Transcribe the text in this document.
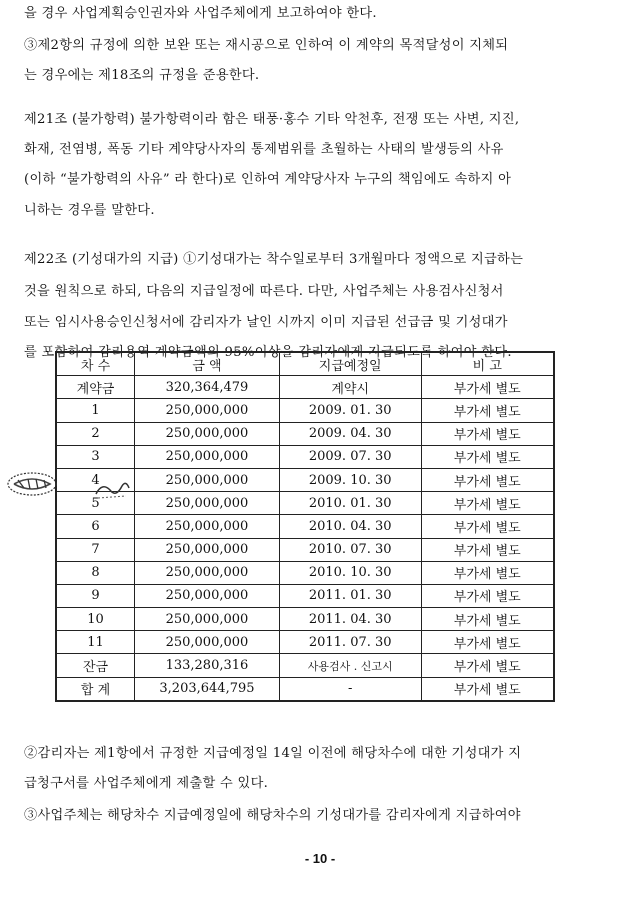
을 경우 사업계획승인권자와 사업주체에게 보고하여야 한다.
③제2항의 규정에 의한 보완 또는 재시공으로 인하여 이 계약의 목적달성이 지체되
는 경우에는 제18조의 규정을 준용한다.
제21조 (불가항력) 불가항력이라 함은 태풍·홍수 기타 악천후, 전쟁 또는 사변, 지진,
화재, 전염병, 폭동 기타 계약당사자의 통제범위를 초월하는 사태의 발생등의 사유
(이하 “불가항력의 사유” 라 한다)로 인하여 계약당사자 누구의 책임에도 속하지 아
니하는 경우를 말한다.
제22조 (기성대가의 지급) ①기성대가는 착수일로부터 3개월마다 정액으로 지급하는
것을 원칙으로 하되, 다음의 지급일정에 따른다. 다만, 사업주체는 사용검사신청서
또는 임시사용승인신청서에 감리자가 날인 시까지 이미 지급된 선급금 및 기성대가
를 포함하여 감리용역 계약금액의 95%이상을 감리자에게 지급되도록 하여야 한다.
차 수	금 액	지급예정일	비 고
계약금	320,364,479	계약시	부가세 별도
1	250,000,000	2009. 01. 30	부가세 별도
2	250,000,000	2009. 04. 30	부가세 별도
3	250,000,000	2009. 07. 30	부가세 별도
4	250,000,000	2009. 10. 30	부가세 별도
5	250,000,000	2010. 01. 30	부가세 별도
6	250,000,000	2010. 04. 30	부가세 별도
7	250,000,000	2010. 07. 30	부가세 별도
8	250,000,000	2010. 10. 30	부가세 별도
9	250,000,000	2011. 01. 30	부가세 별도
10	250,000,000	2011. 04. 30	부가세 별도
11	250,000,000	2011. 07. 30	부가세 별도
잔금	133,280,316	사용검사 . 신고시	부가세 별도
합 계	3,203,644,795	-	부가세 별도
②감리자는 제1항에서 규정한 지급예정일 14일 이전에 해당차수에 대한 기성대가 지
급청구서를 사업주체에게 제출할 수 있다.
③사업주체는 해당차수 지급예정일에 해당차수의 기성대가를 감리자에게 지급하여야
- 10 -
